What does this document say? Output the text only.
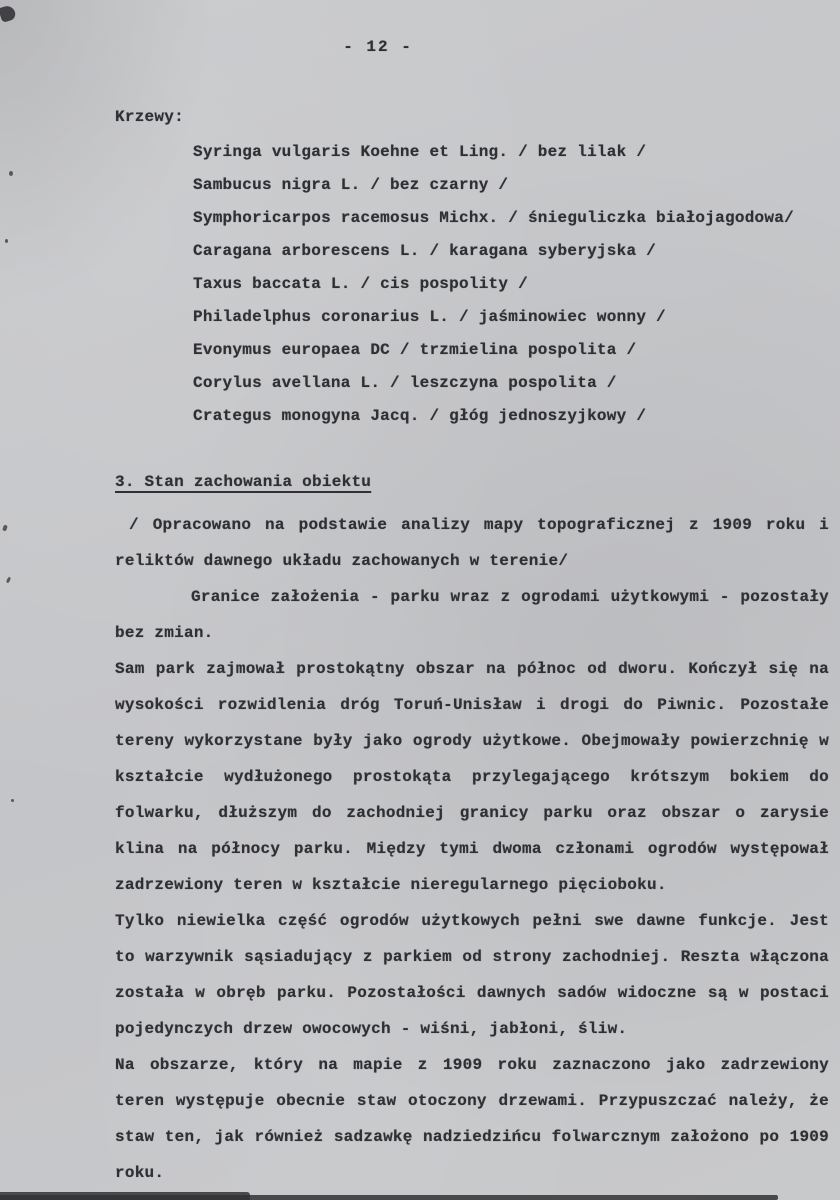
- 12 -
Krzewy:
Syringa vulgaris Koehne et Ling. / bez lilak /
Sambucus nigra L. / bez czarny /
Symphoricarpos racemosus Michx. / śnieguliczka białojagodowa/
Caragana arborescens L. / karagana syberyjska /
Taxus baccata L. / cis pospolity /
Philadelphus coronarius L. / jaśminowiec wonny /
Evonymus europaea DC / trzmielina pospolita /
Corylus avellana L. / leszczyna pospolita /
Crategus monogyna Jacq. / głóg jednoszyjkowy /
3. Stan zachowania obiektu

/ Opracowano na podstawie analizy mapy topograficznej z 1909 roku i reliktów dawnego układu zachowanych w terenie/

Granice założenia - parku wraz z ogrodami użytkowymi - pozostały bez zmian.

Sam park zajmował prostokątny obszar na północ od dworu. Kończył się na wysokości rozwidlenia dróg Toruń-Unisław i drogi do Piwnic. Pozostałe tereny wykorzystane były jako ogrody użytkowe. Obejmowały powierzchnię w kształcie wydłużonego prostokąta przylegającego krótszym bokiem do folwarku, dłuższym do zachodniej granicy parku oraz obszar o zarysie klina na północy parku. Między tymi dwoma członami ogrodów występował zadrzewiony teren w kształcie nieregularnego pięcioboku.

Tylko niewielka część ogrodów użytkowych pełni swe dawne funkcje. Jest to warzywnik sąsiadujący z parkiem od strony zachodniej. Reszta włączona została w obręb parku. Pozostałości dawnych sadów widoczne są w postaci pojedynczych drzew owocowych - wiśni, jabłoni, śliw.

Na obszarze, który na mapie z 1909 roku zaznaczono jako zadrzewiony teren występuje obecnie staw otoczony drzewami. Przypuszczać należy, że staw ten, jak również sadzawkę nadziedzińcu folwarcznym założono po 1909 roku.
